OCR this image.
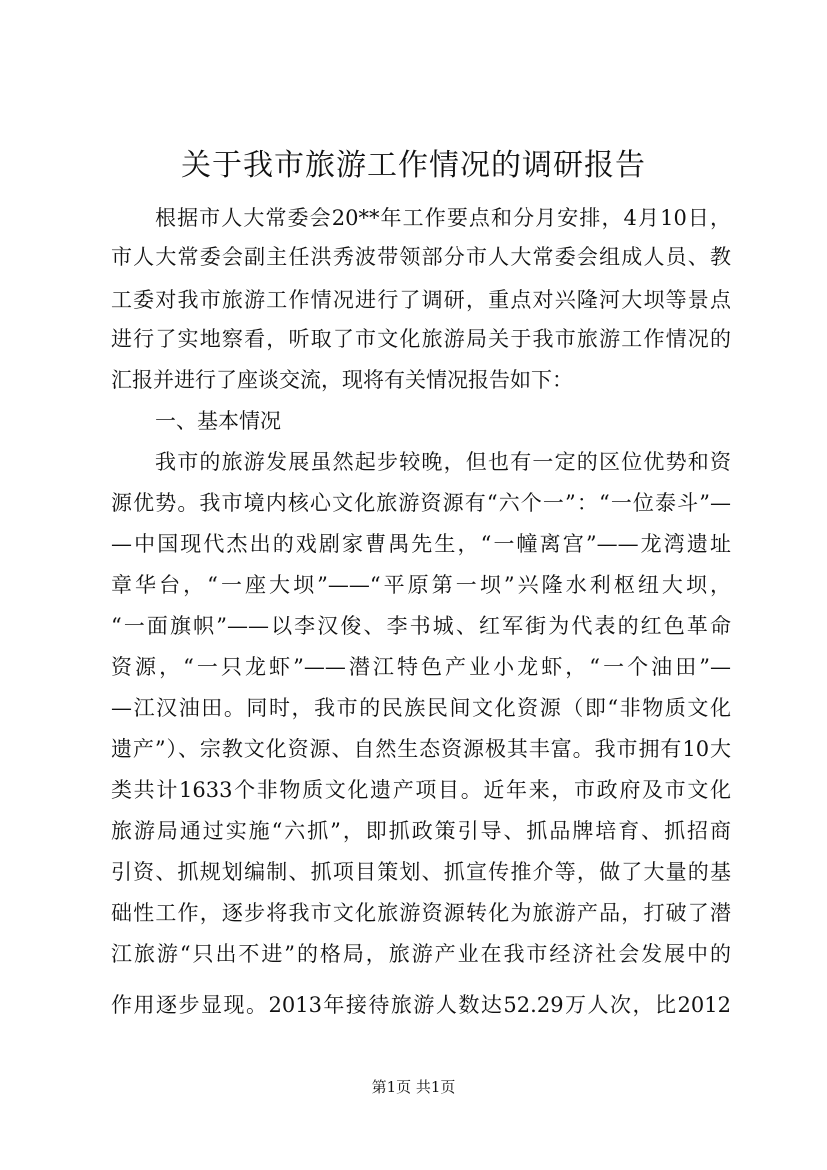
关于我市旅游工作情况的调研报告
根据市人大常委会20**年工作要点和分月安排，4月10日，
市人大常委会副主任洪秀波带领部分市人大常委会组成人员、教
工委对我市旅游工作情况进行了调研，重点对兴隆河大坝等景点
进行了实地察看，听取了市文化旅游局关于我市旅游工作情况的
汇报并进行了座谈交流，现将有关情况报告如下：
一、基本情况
我市的旅游发展虽然起步较晚，但也有一定的区位优势和资
源优势。我市境内核心文化旅游资源有“六个一”：“一位泰斗”—
—中国现代杰出的戏剧家曹禺先生，“一幢离宫”——龙湾遗址
章华台，“一座大坝”——“平原第一坝”兴隆水利枢纽大坝，
“一面旗帜”——以李汉俊、李书城、红军街为代表的红色革命
资源，“一只龙虾”——潜江特色产业小龙虾，“一个油田”—
—江汉油田。同时，我市的民族民间文化资源（即“非物质文化
遗产”）、宗教文化资源、自然生态资源极其丰富。我市拥有10大
类共计1633个非物质文化遗产项目。近年来，市政府及市文化
旅游局通过实施“六抓”，即抓政策引导、抓品牌培育、抓招商
引资、抓规划编制、抓项目策划、抓宣传推介等，做了大量的基
础性工作，逐步将我市文化旅游资源转化为旅游产品，打破了潜
江旅游“只出不进”的格局，旅游产业在我市经济社会发展中的
作用逐步显现。2013年接待旅游人数达52.29万人次，比2012
第1页 共1页
